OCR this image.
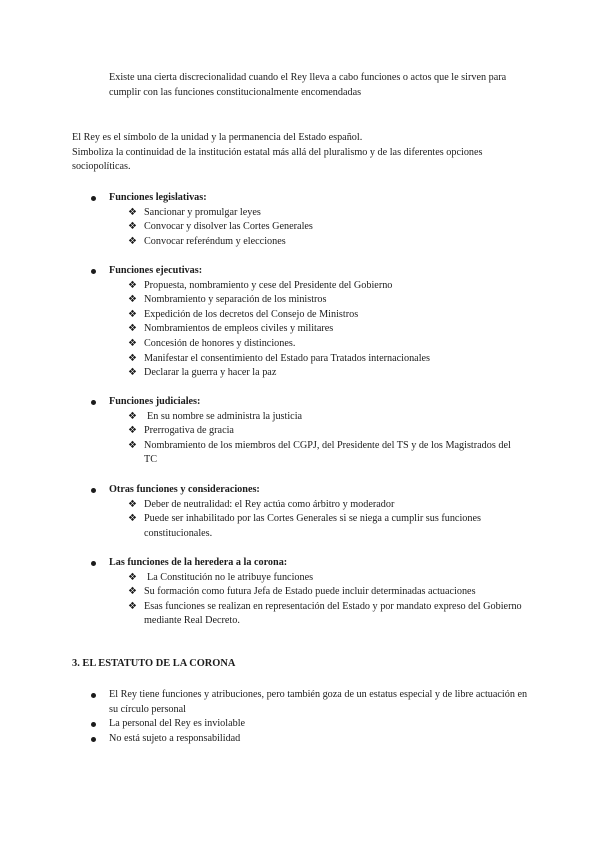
Existe una cierta discrecionalidad cuando el Rey lleva a cabo funciones o actos que le sirven para cumplir con las funciones constitucionalmente encomendadas
El Rey es el símbolo de la unidad y la permanencia del Estado español.
Simboliza la continuidad de la institución estatal más allá del pluralismo y de las diferentes opciones sociopolíticas.
Funciones legislativas:
❖ Sancionar y promulgar leyes
❖ Convocar y disolver las Cortes Generales
❖ Convocar referéndum y elecciones
Funciones ejecutivas:
❖ Propuesta, nombramiento y cese del Presidente del Gobierno
❖ Nombramiento y separación de los ministros
❖ Expedición de los decretos del Consejo de Ministros
❖ Nombramientos de empleos civiles y militares
❖ Concesión de honores y distinciones.
❖ Manifestar el consentimiento del Estado para Tratados internacionales
❖ Declarar la guerra y hacer la paz
Funciones judiciales:
❖ En su nombre se administra la justicia
❖ Prerrogativa de gracia
❖ Nombramiento de los miembros del CGPJ, del Presidente del TS y de los Magistrados del TC
Otras funciones y consideraciones:
❖ Deber de neutralidad: el Rey actúa como árbitro y moderador
❖ Puede ser inhabilitado por las Cortes Generales si se niega a cumplir sus funciones constitucionales.
Las funciones de la heredera a la corona:
❖ La Constitución no le atribuye funciones
❖ Su formación como futura Jefa de Estado puede incluir determinadas actuaciones
❖ Esas funciones se realizan en representación del Estado y por mandato expreso del Gobierno mediante Real Decreto.
3. EL ESTATUTO DE LA CORONA
El Rey tiene funciones y atribuciones, pero también goza de un estatus especial y de libre actuación en su círculo personal
La personal del Rey es inviolable
No está sujeto a responsabilidad
